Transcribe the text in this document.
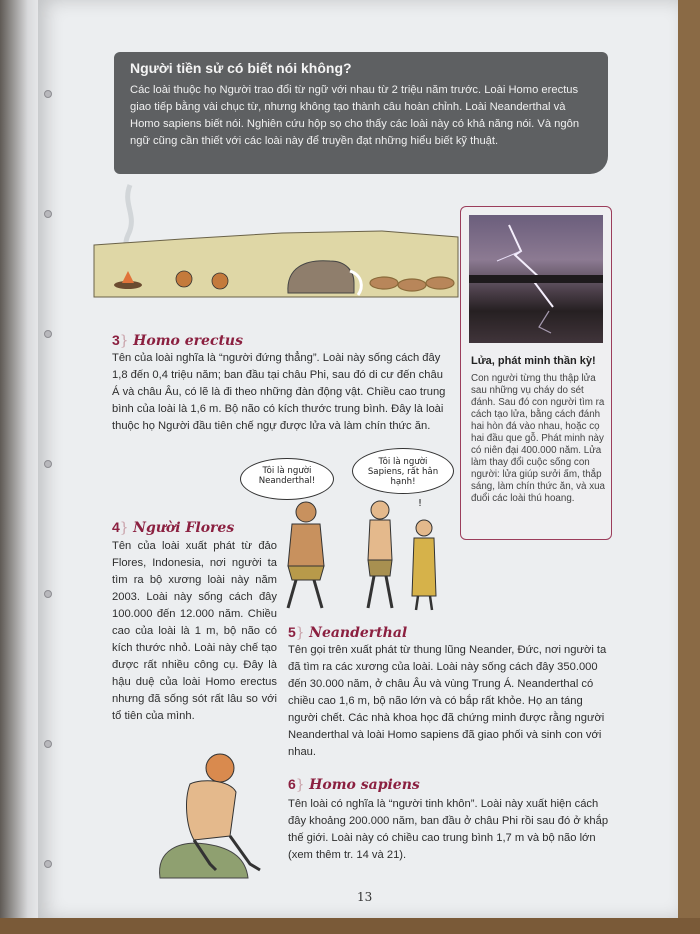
Người tiền sử có biết nói không?

Các loài thuộc họ Người trao đổi từ ngữ với nhau từ 2 triệu năm trước. Loài Homo erectus giao tiếp bằng vài chục từ, nhưng không tạo thành câu hoàn chỉnh. Loài Neanderthal và Homo sapiens biết nói. Nghiên cứu hộp sọ cho thấy các loài này có khả năng nói. Và ngôn ngữ cũng cần thiết với các loài này để truyền đạt những hiểu biết kỹ thuật.

3} Homo erectus
Tên của loài nghĩa là “người đứng thẳng”. Loài này sống cách đây 1,8 đến 0,4 triệu năm; ban đầu tại châu Phi, sau đó di cư đến châu Á và châu Âu, có lẽ là đi theo những đàn động vật. Chiều cao trung bình của loài là 1,6 m. Bộ não có kích thước trung bình. Đây là loài thuộc họ Người đầu tiên chế ngự được lửa và làm chín thức ăn.
Lửa, phát minh thần kỳ!

Con người từng thu thập lửa sau những vụ cháy do sét đánh. Sau đó con người tìm ra cách tạo lửa, bằng cách đánh hai hòn đá vào nhau, hoặc cọ hai đầu que gỗ. Phát minh này có niên đại 400.000 năm. Lửa làm thay đổi cuộc sống con người: lửa giúp sưởi ấm, thắp sáng, làm chín thức ăn, và xua đuổi các loài thú hoang.

Tôi là người Neanderthal!
Tôi là người Sapiens, rất hân hạnh!
!
4} Người Flores
Tên của loài xuất phát từ đảo Flores, Indonesia, nơi người ta tìm ra bộ xương loài này năm 2003. Loài này sống cách đây 100.000 đến 12.000 năm. Chiều cao của loài là 1 m, bộ não có kích thước nhỏ. Loài này chế tạo được rất nhiều công cụ. Đây là hậu duệ của loài Homo erectus nhưng đã sống sót rất lâu so với tổ tiên của mình.
5} Neanderthal
Tên gọi trên xuất phát từ thung lũng Neander, Đức, nơi người ta đã tìm ra các xương của loài. Loài này sống cách đây 350.000 đến 30.000 năm, ở châu Âu và vùng Trung Á. Neanderthal có chiều cao 1,6 m, bộ não lớn và có bắp rất khỏe. Họ an táng người chết. Các nhà khoa học đã chứng minh được rằng người Neanderthal và loài Homo sapiens đã giao phối và sinh con với nhau.
6} Homo sapiens
Tên loài có nghĩa là “người tinh khôn”. Loài này xuất hiện cách đây khoảng 200.000 năm, ban đầu ở châu Phi rồi sau đó ở khắp thế giới. Loài này có chiều cao trung bình 1,7 m và bộ não lớn (xem thêm tr. 14 và 21).
13
